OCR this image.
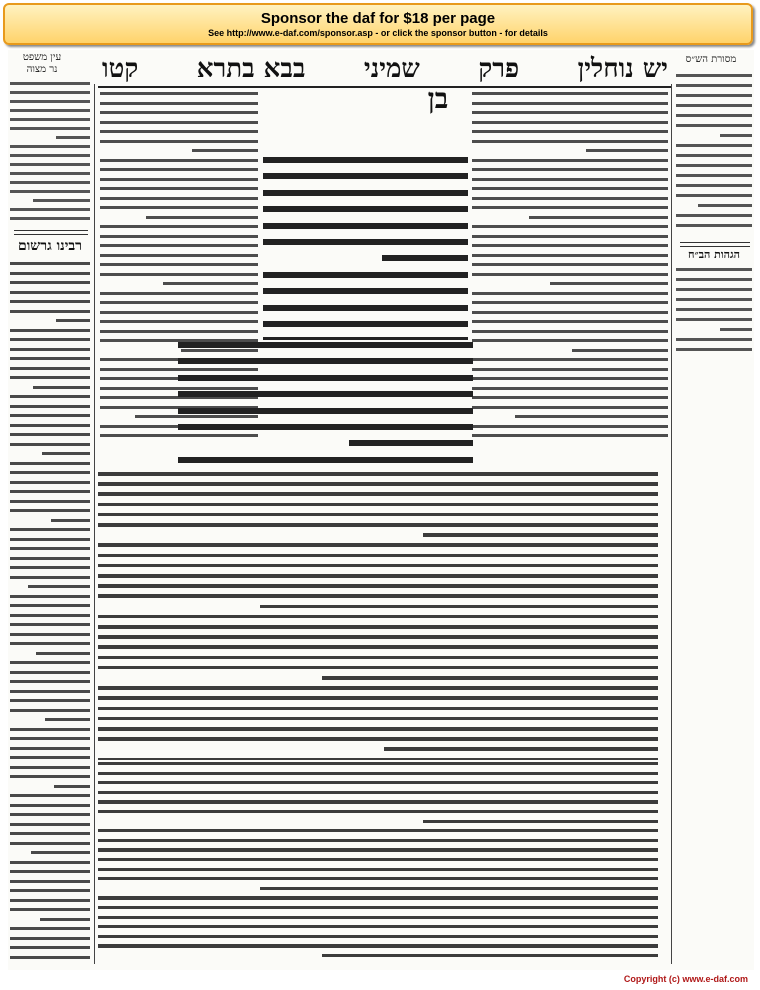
Sponsor the daf for $18 per page
See http://www.e-daf.com/sponsor.asp - or click the sponsor button - for details
יש נוחלין
פרק
שמיני
בבא בתרא
קטו	מסורת הש״ס
עין משפט
נר מצוה
רבינו גרשום
בן
הגהות הב״ח
Copyright (c) www.e-daf.com
